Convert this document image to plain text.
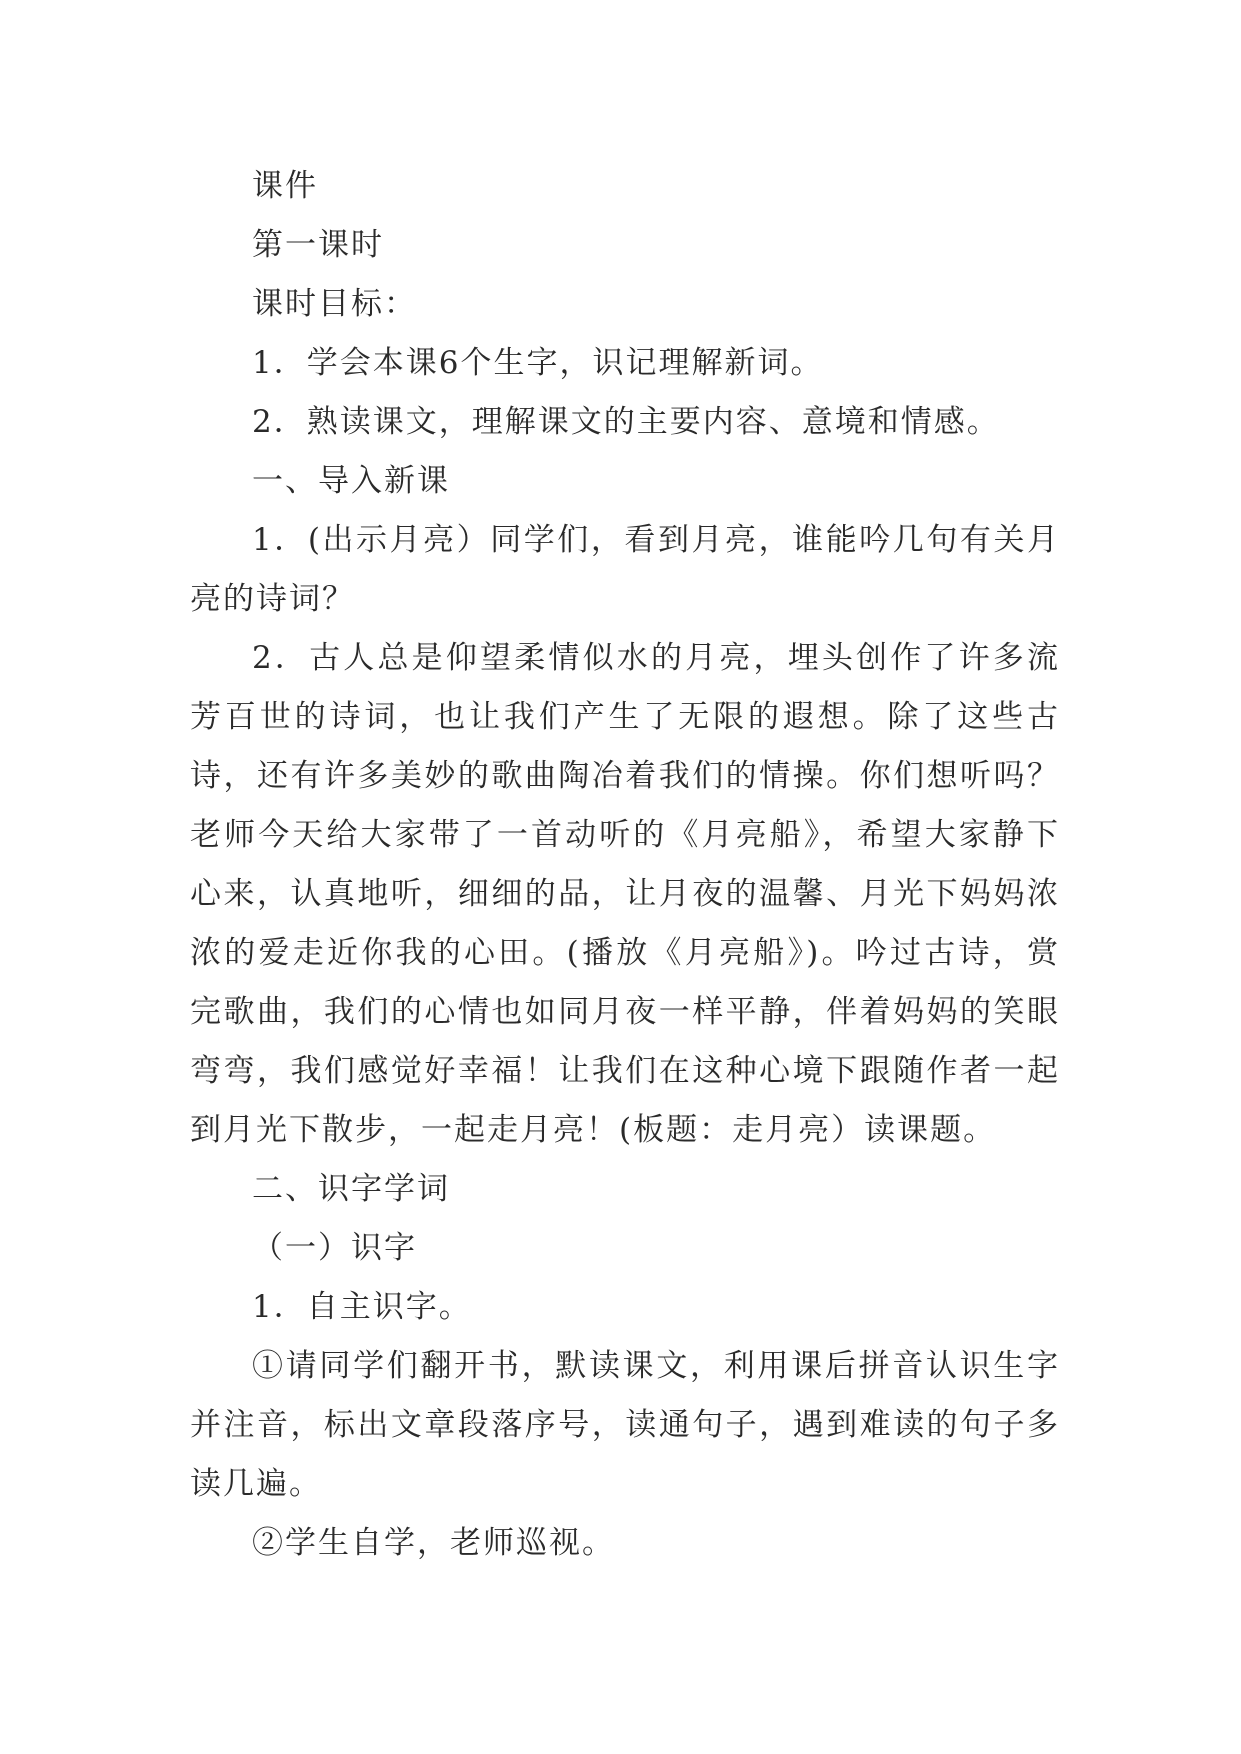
课件

第一课时

课时目标：

1．学会本课6个生字，识记理解新词。

2．熟读课文，理解课文的主要内容、意境和情感。

一、导入新课

1．(出示月亮）同学们，看到月亮，谁能吟几句有关月亮的诗词？

2．古人总是仰望柔情似水的月亮，埋头创作了许多流芳百世的诗词，也让我们产生了无限的遐想。除了这些古诗，还有许多美妙的歌曲陶冶着我们的情操。你们想听吗？老师今天给大家带了一首动听的《月亮船》，希望大家静下心来，认真地听，细细的品，让月夜的温馨、月光下妈妈浓浓的爱走近你我的心田。(播放《月亮船》)。吟过古诗，赏完歌曲，我们的心情也如同月夜一样平静，伴着妈妈的笑眼弯弯，我们感觉好幸福！让我们在这种心境下跟随作者一起到月光下散步，一起走月亮！(板题：走月亮）读课题。

二、识字学词

（一）识字

1．自主识字。

①请同学们翻开书，默读课文，利用课后拼音认识生字并注音，标出文章段落序号，读通句子，遇到难读的句子多读几遍。

②学生自学，老师巡视。
